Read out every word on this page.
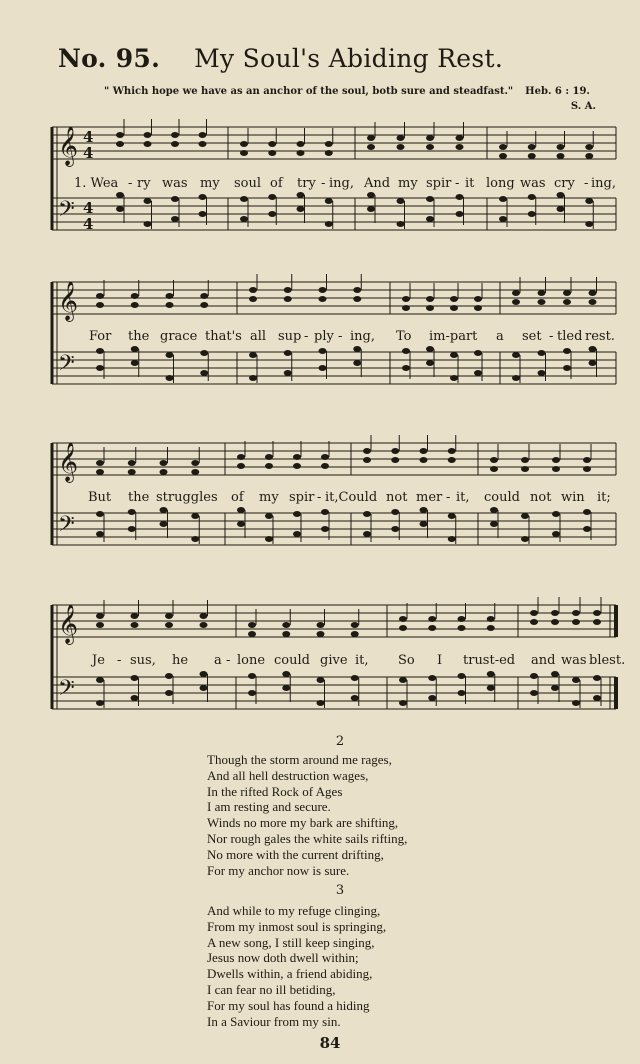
No. 95. My Soul's Abiding Rest.
" Which hope we have as an anchor of the soul, botb sure and steadfast." Heb. 6 : 19.
S. A.
𝄞 4
4
𝄢 4
4
𝄞
𝄢
𝄞
𝄢
𝄞
𝄢
1. Wea - ry was my soul of try - ing, And my spir - it long was cry - ing,
For the grace that's all sup - ply - ing, To im-part a set - tled rest.
But the struggles of my spir - it,Could not mer - it, could not win it;
Je - sus, he a - lone could give it, So I trust-ed and was blest.
2
Though the storm around me rages,
And all hell destruction wages,
In the rifted Rock of Ages
I am resting and secure.
Winds no more my bark are shifting,
Nor rough gales the white sails rifting,
No more with the current drifting,
For my anchor now is sure.
3
And while to my refuge clinging,
From my inmost soul is springing,
A new song, I still keep singing,
Jesus now doth dwell within;
Dwells within, a friend abiding,
I can fear no ill betiding,
For my soul has found a hiding
In a Saviour from my sin.
84
